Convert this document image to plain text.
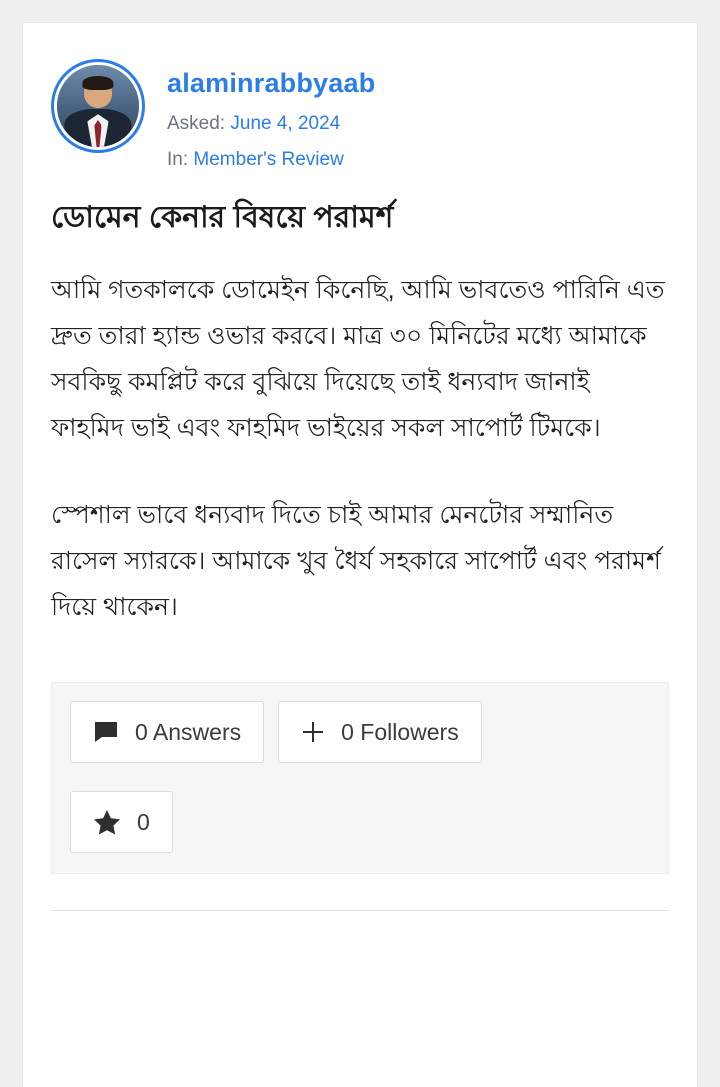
alaminrabbyaab
Asked: June 4, 2024
In: Member's Review
ডোমেন কেনার বিষয়ে পরামর্শ

আমি গতকালকে ডোমেইন কিনেছি, আমি ভাবতেও পারিনি এত দ্রুত তারা হ্যান্ড ওভার করবে। মাত্র ৩০ মিনিটের মধ্যে আমাকে সবকিছু কমপ্লিট করে বুঝিয়ে দিয়েছে তাই ধন্যবাদ জানাই ফাহমিদ ভাই এবং ফাহমিদ ভাইয়ের সকল সাপোর্ট টিমকে।

স্পেশাল ভাবে ধন্যবাদ দিতে চাই আমার মেনটোর সম্মানিত রাসেল স্যারকে। আমাকে খুব ধৈর্য সহকারে সাপোর্ট এবং পরামর্শ দিয়ে থাকেন।

0 Answers	0 Followers
0
